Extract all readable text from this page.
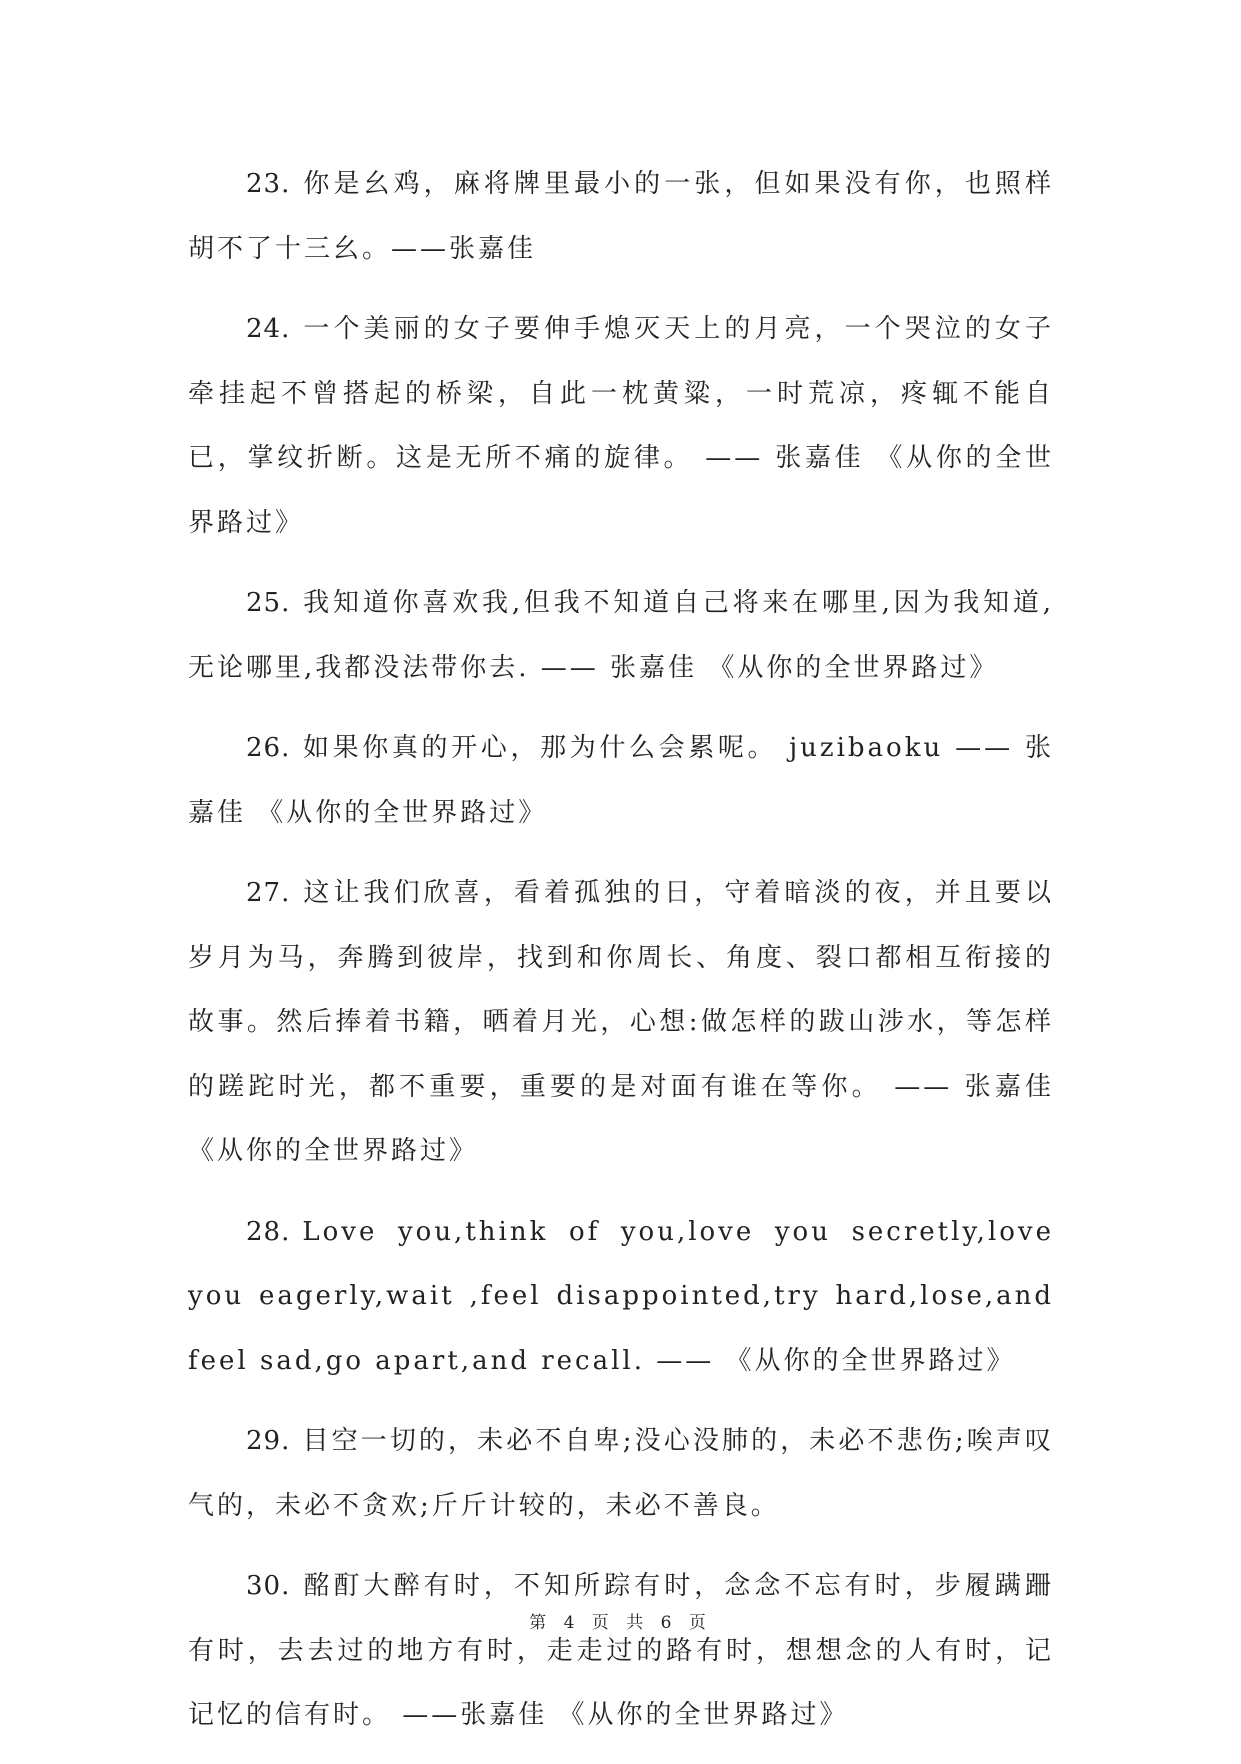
23. 你是幺鸡，麻将牌里最小的一张，但如果没有你，也照样胡不了十三幺。——张嘉佳

24. 一个美丽的女子要伸手熄灭天上的月亮，一个哭泣的女子牵挂起不曾搭起的桥梁，自此一枕黄粱，一时荒凉，疼辄不能自已，掌纹折断。这是无所不痛的旋律。 —— 张嘉佳 《从你的全世界路过》

25. 我知道你喜欢我,但我不知道自己将来在哪里,因为我知道,无论哪里,我都没法带你去. —— 张嘉佳 《从你的全世界路过》

26. 如果你真的开心，那为什么会累呢。 juzibaoku —— 张嘉佳 《从你的全世界路过》

27. 这让我们欣喜，看着孤独的日，守着暗淡的夜，并且要以岁月为马，奔腾到彼岸，找到和你周长、角度、裂口都相互衔接的故事。然后捧着书籍，晒着月光，心想:做怎样的跋山涉水，等怎样的蹉跎时光，都不重要，重要的是对面有谁在等你。 —— 张嘉佳 《从你的全世界路过》

28. Love you,think of you,love you secretly,love you eagerly,wait ,feel disappointed,try hard,lose,and feel sad,go apart,and recall. —— 《从你的全世界路过》

29. 目空一切的，未必不自卑;没心没肺的，未必不悲伤;唉声叹气的，未必不贪欢;斤斤计较的，未必不善良。

30. 酩酊大醉有时，不知所踪有时，念念不忘有时，步履蹒跚有时，去去过的地方有时，走走过的路有时，想想念的人有时，记记忆的信有时。 ——张嘉佳 《从你的全世界路过》

第 4 页 共 6 页
